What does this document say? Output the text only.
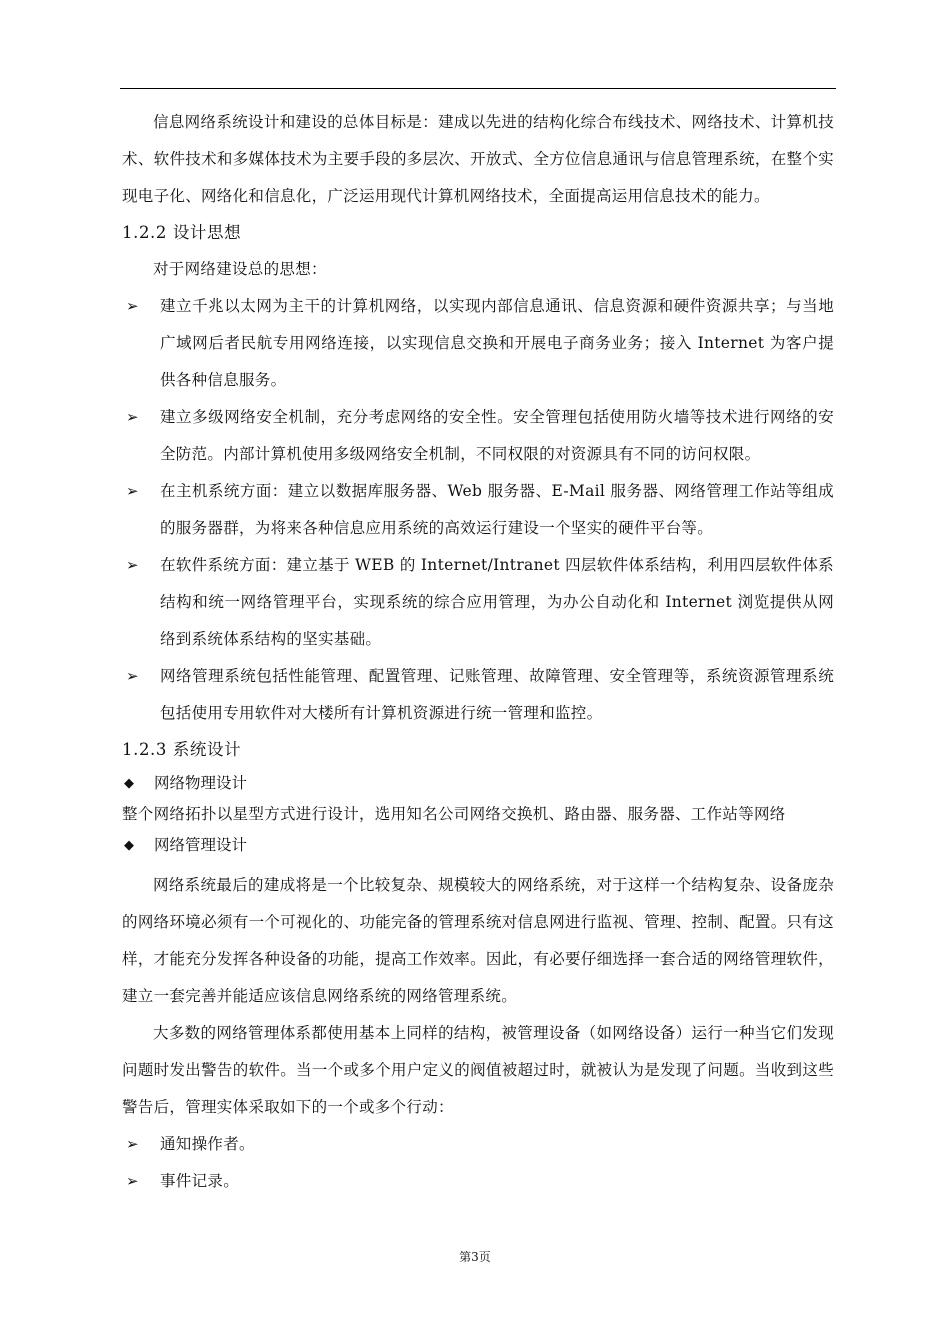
信息网络系统设计和建设的总体目标是：建成以先进的结构化综合布线技术、网络技术、计算机技术、软件技术和多媒体技术为主要手段的多层次、开放式、全方位信息通讯与信息管理系统，在整个实现电子化、网络化和信息化，广泛运用现代计算机网络技术，全面提高运用信息技术的能力。

1.2.2 设计思想

对于网络建设总的思想：

➢ 建立千兆以太网为主干的计算机网络，以实现内部信息通讯、信息资源和硬件资源共享；与当地广域网后者民航专用网络连接，以实现信息交换和开展电子商务业务；接入 Internet 为客户提供各种信息服务。

➢ 建立多级网络安全机制，充分考虑网络的安全性。安全管理包括使用防火墙等技术进行网络的安全防范。内部计算机使用多级网络安全机制，不同权限的对资源具有不同的访问权限。

➢ 在主机系统方面：建立以数据库服务器、Web 服务器、E-Mail 服务器、网络管理工作站等组成的服务器群，为将来各种信息应用系统的高效运行建设一个坚实的硬件平台等。

➢ 在软件系统方面：建立基于 WEB 的 Internet/Intranet 四层软件体系结构，利用四层软件体系结构和统一网络管理平台，实现系统的综合应用管理，为办公自动化和 Internet 浏览提供从网络到系统体系结构的坚实基础。

➢ 网络管理系统包括性能管理、配置管理、记账管理、故障管理、安全管理等，系统资源管理系统包括使用专用软件对大楼所有计算机资源进行统一管理和监控。

1.2.3 系统设计

◆ 网络物理设计

整个网络拓扑以星型方式进行设计，选用知名公司网络交换机、路由器、服务器、工作站等网络

◆ 网络管理设计

网络系统最后的建成将是一个比较复杂、规模较大的网络系统，对于这样一个结构复杂、设备庞杂的网络环境必须有一个可视化的、功能完备的管理系统对信息网进行监视、管理、控制、配置。只有这样，才能充分发挥各种设备的功能，提高工作效率。因此，有必要仔细选择一套合适的网络管理软件，建立一套完善并能适应该信息网络系统的网络管理系统。

大多数的网络管理体系都使用基本上同样的结构，被管理设备（如网络设备）运行一种当它们发现问题时发出警告的软件。当一个或多个用户定义的阀值被超过时，就被认为是发现了问题。当收到这些警告后，管理实体采取如下的一个或多个行动：

➢ 通知操作者。

➢ 事件记录。

第3页
